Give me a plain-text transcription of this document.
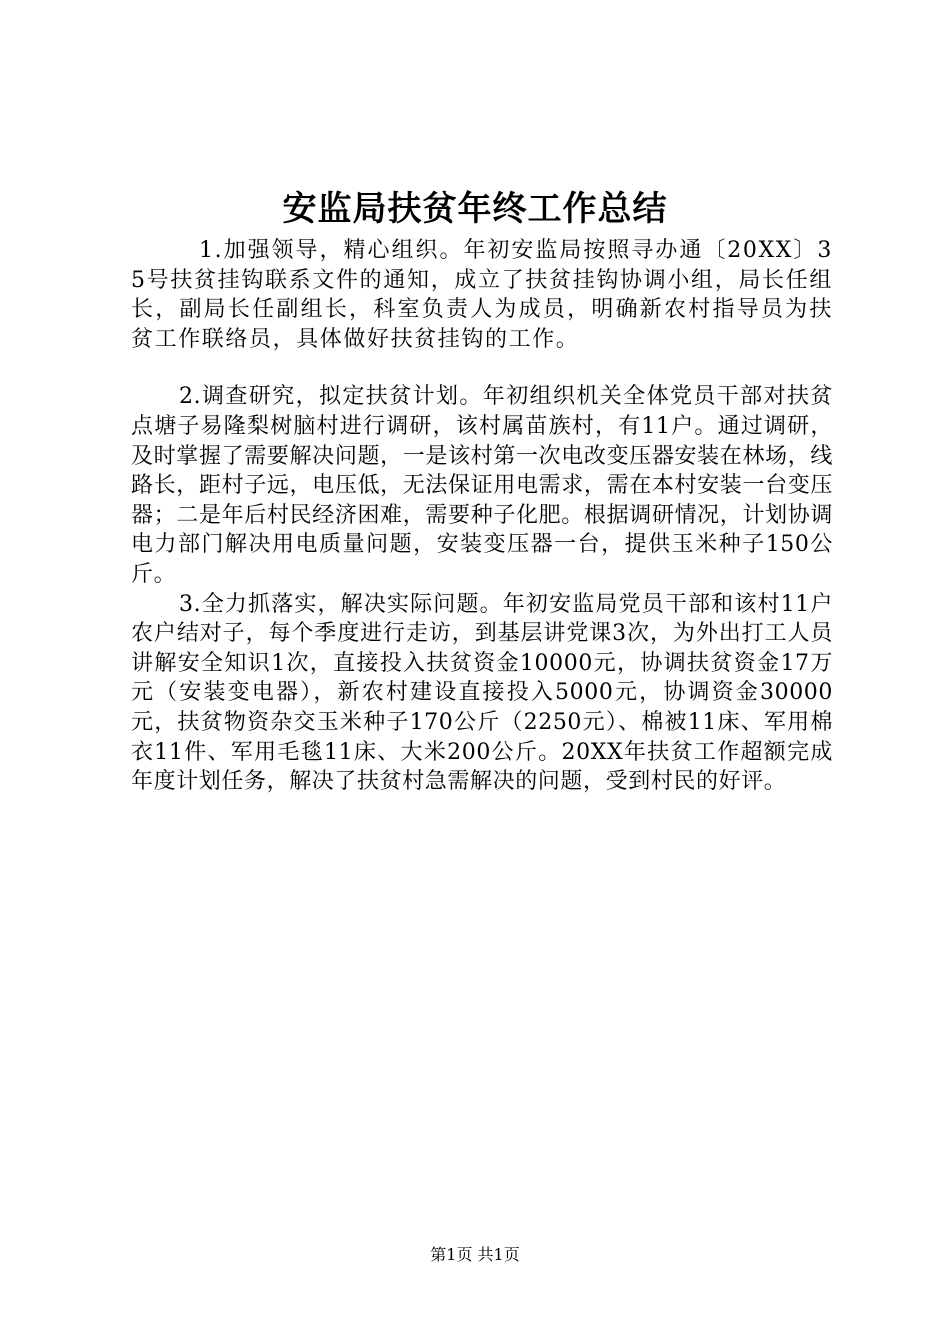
安监局扶贫年终工作总结

1.加强领导，精心组织。年初安监局按照寻办通〔20XX〕35号扶贫挂钩联系文件的通知，成立了扶贫挂钩协调小组，局长任组长，副局长任副组长，科室负责人为成员，明确新农村指导员为扶贫工作联络员，具体做好扶贫挂钩的工作。

2.调查研究，拟定扶贫计划。年初组织机关全体党员干部对扶贫点塘子易隆梨树脑村进行调研，该村属苗族村，有11户。通过调研，及时掌握了需要解决问题，一是该村第一次电改变压器安装在林场，线路长，距村子远，电压低，无法保证用电需求，需在本村安装一台变压器；二是年后村民经济困难，需要种子化肥。根据调研情况，计划协调电力部门解决用电质量问题，安装变压器一台，提供玉米种子150公斤。

3.全力抓落实，解决实际问题。年初安监局党员干部和该村11户农户结对子，每个季度进行走访，到基层讲党课3次，为外出打工人员讲解安全知识1次，直接投入扶贫资金10000元，协调扶贫资金17万元（安装变电器），新农村建设直接投入5000元，协调资金30000元，扶贫物资杂交玉米种子170公斤（2250元）、棉被11床、军用棉衣11件、军用毛毯11床、大米200公斤。20XX年扶贫工作超额完成年度计划任务，解决了扶贫村急需解决的问题，受到村民的好评。

第1页 共1页
